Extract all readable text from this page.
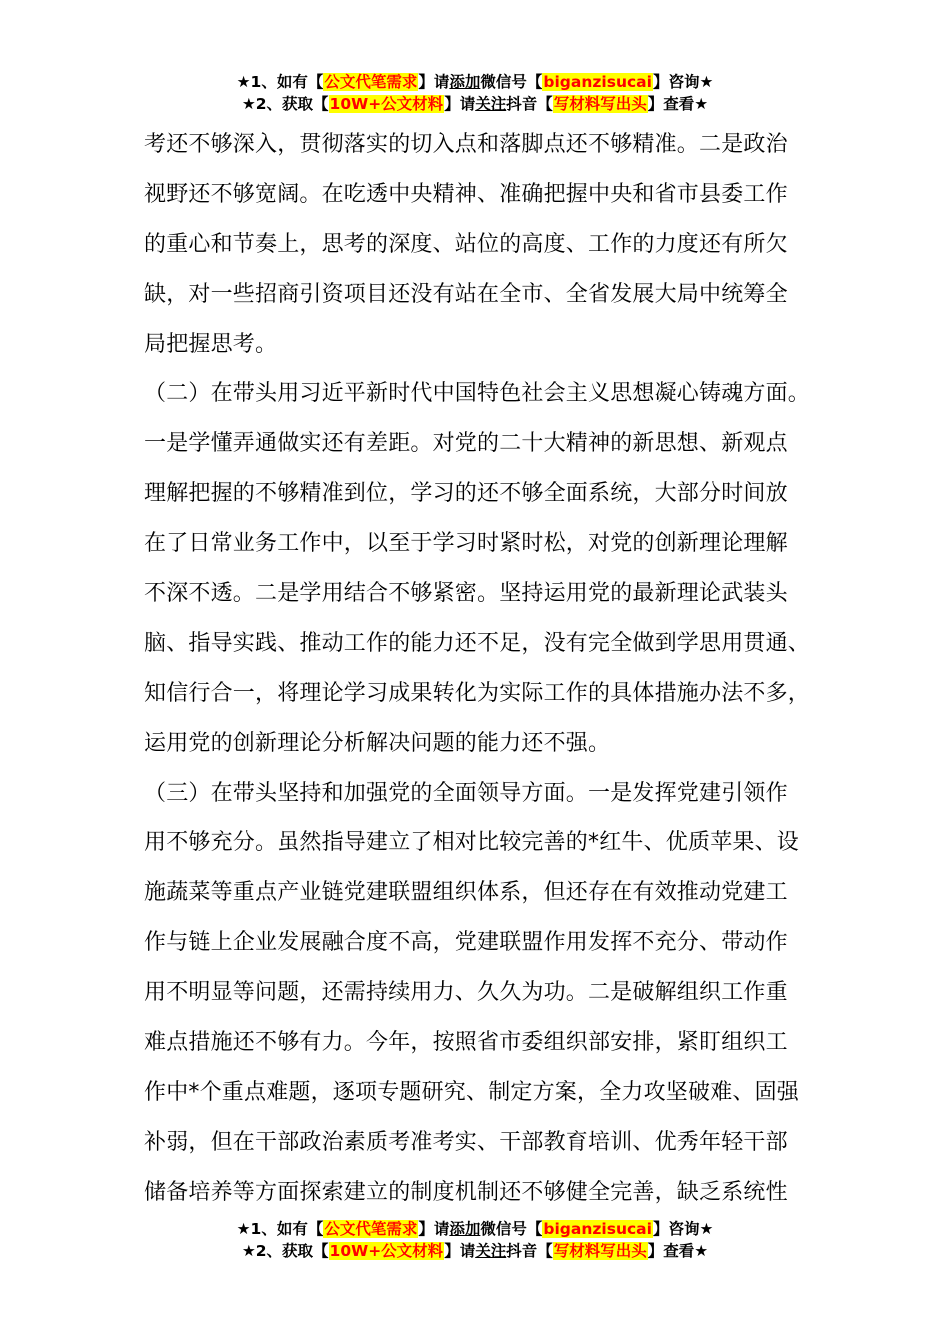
★1、如有【公文代笔需求】请添加微信号【biganzisucai】咨询★
★2、获取【10W+公文材料】请关注抖音【写材料写出头】查看★
考还不够深入，贯彻落实的切入点和落脚点还不够精准。二是政治
视野还不够宽阔。在吃透中央精神、准确把握中央和省市县委工作
的重心和节奏上，思考的深度、站位的高度、工作的力度还有所欠
缺，对一些招商引资项目还没有站在全市、全省发展大局中统筹全
局把握思考。
（二）在带头用习近平新时代中国特色社会主义思想凝心铸魂方面。
一是学懂弄通做实还有差距。对党的二十大精神的新思想、新观点
理解把握的不够精准到位，学习的还不够全面系统，大部分时间放
在了日常业务工作中，以至于学习时紧时松，对党的创新理论理解
不深不透。二是学用结合不够紧密。坚持运用党的最新理论武装头
脑、指导实践、推动工作的能力还不足，没有完全做到学思用贯通、
知信行合一，将理论学习成果转化为实际工作的具体措施办法不多，
运用党的创新理论分析解决问题的能力还不强。
（三）在带头坚持和加强党的全面领导方面。一是发挥党建引领作
用不够充分。虽然指导建立了相对比较完善的*红牛、优质苹果、设
施蔬菜等重点产业链党建联盟组织体系，但还存在有效推动党建工
作与链上企业发展融合度不高，党建联盟作用发挥不充分、带动作
用不明显等问题，还需持续用力、久久为功。二是破解组织工作重
难点措施还不够有力。今年，按照省市委组织部安排，紧盯组织工
作中*个重点难题，逐项专题研究、制定方案，全力攻坚破难、固强
补弱，但在干部政治素质考准考实、干部教育培训、优秀年轻干部
储备培养等方面探索建立的制度机制还不够健全完善，缺乏系统性
★1、如有【公文代笔需求】请添加微信号【biganzisucai】咨询★
★2、获取【10W+公文材料】请关注抖音【写材料写出头】查看★
